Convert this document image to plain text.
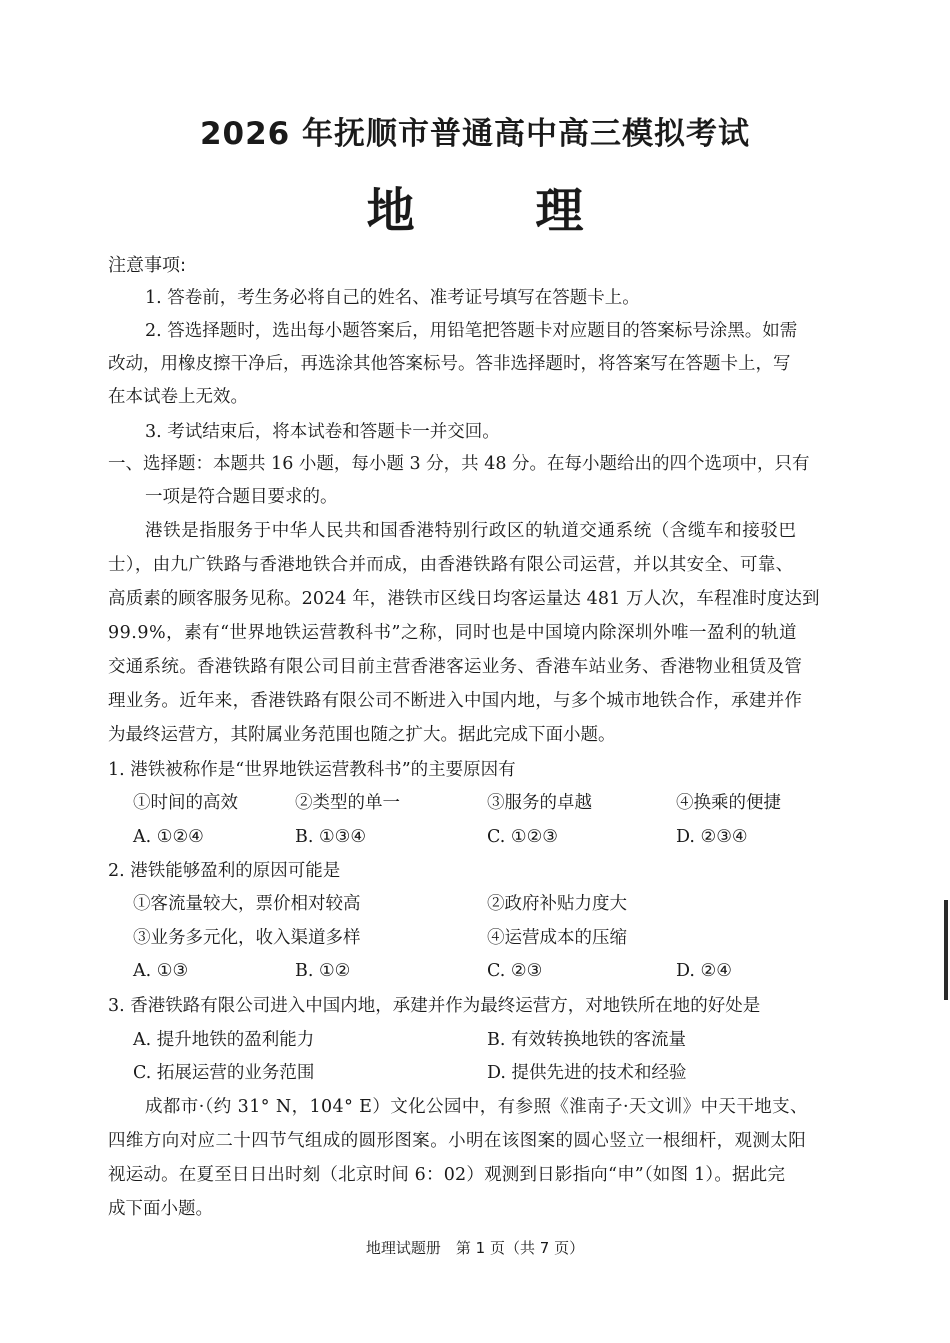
2026 年抚顺市普通高中高三模拟考试
地 理
注意事项:
1. 答卷前，考生务必将自己的姓名、准考证号填写在答题卡上。
2. 答选择题时，选出每小题答案后，用铅笔把答题卡对应题目的答案标号涂黑。如需
改动，用橡皮擦干净后，再选涂其他答案标号。答非选择题时，将答案写在答题卡上，写
在本试卷上无效。
3. 考试结束后，将本试卷和答题卡一并交回。
一、选择题：本题共 16 小题，每小题 3 分，共 48 分。在每小题给出的四个选项中，只有
一项是符合题目要求的。
港铁是指服务于中华人民共和国香港特别行政区的轨道交通系统（含缆车和接驳巴
士），由九广铁路与香港地铁合并而成，由香港铁路有限公司运营，并以其安全、可靠、
高质素的顾客服务见称。2024 年，港铁市区线日均客运量达 481 万人次，车程准时度达到
99.9%，素有“世界地铁运营教科书”之称，同时也是中国境内除深圳外唯一盈利的轨道
交通系统。香港铁路有限公司目前主营香港客运业务、香港车站业务、香港物业租赁及管
理业务。近年来，香港铁路有限公司不断进入中国内地，与多个城市地铁合作，承建并作
为最终运营方，其附属业务范围也随之扩大。据此完成下面小题。
1. 港铁被称作是“世界地铁运营教科书”的主要原因有
①时间的高效	②类型的单一	③服务的卓越	④换乘的便捷
A. ①②④	B. ①③④	C. ①②③	D. ②③④
2. 港铁能够盈利的原因可能是
①客流量较大，票价相对较高	②政府补贴力度大
③业务多元化，收入渠道多样	④运营成本的压缩
A. ①③	B. ①②	C. ②③	D. ②④
3. 香港铁路有限公司进入中国内地，承建并作为最终运营方，对地铁所在地的好处是
A. 提升地铁的盈利能力	B. 有效转换地铁的客流量
C. 拓展运营的业务范围	D. 提供先进的技术和经验
成都市·（约 31° N，104° E）文化公园中，有参照《淮南子·天文训》中天干地支、
四维方向对应二十四节气组成的圆形图案。小明在该图案的圆心竖立一根细杆，观测太阳
视运动。在夏至日日出时刻（北京时间 6：02）观测到日影指向“申”（如图 1）。据此完
成下面小题。
地理试题册　第 1 页（共 7 页）
